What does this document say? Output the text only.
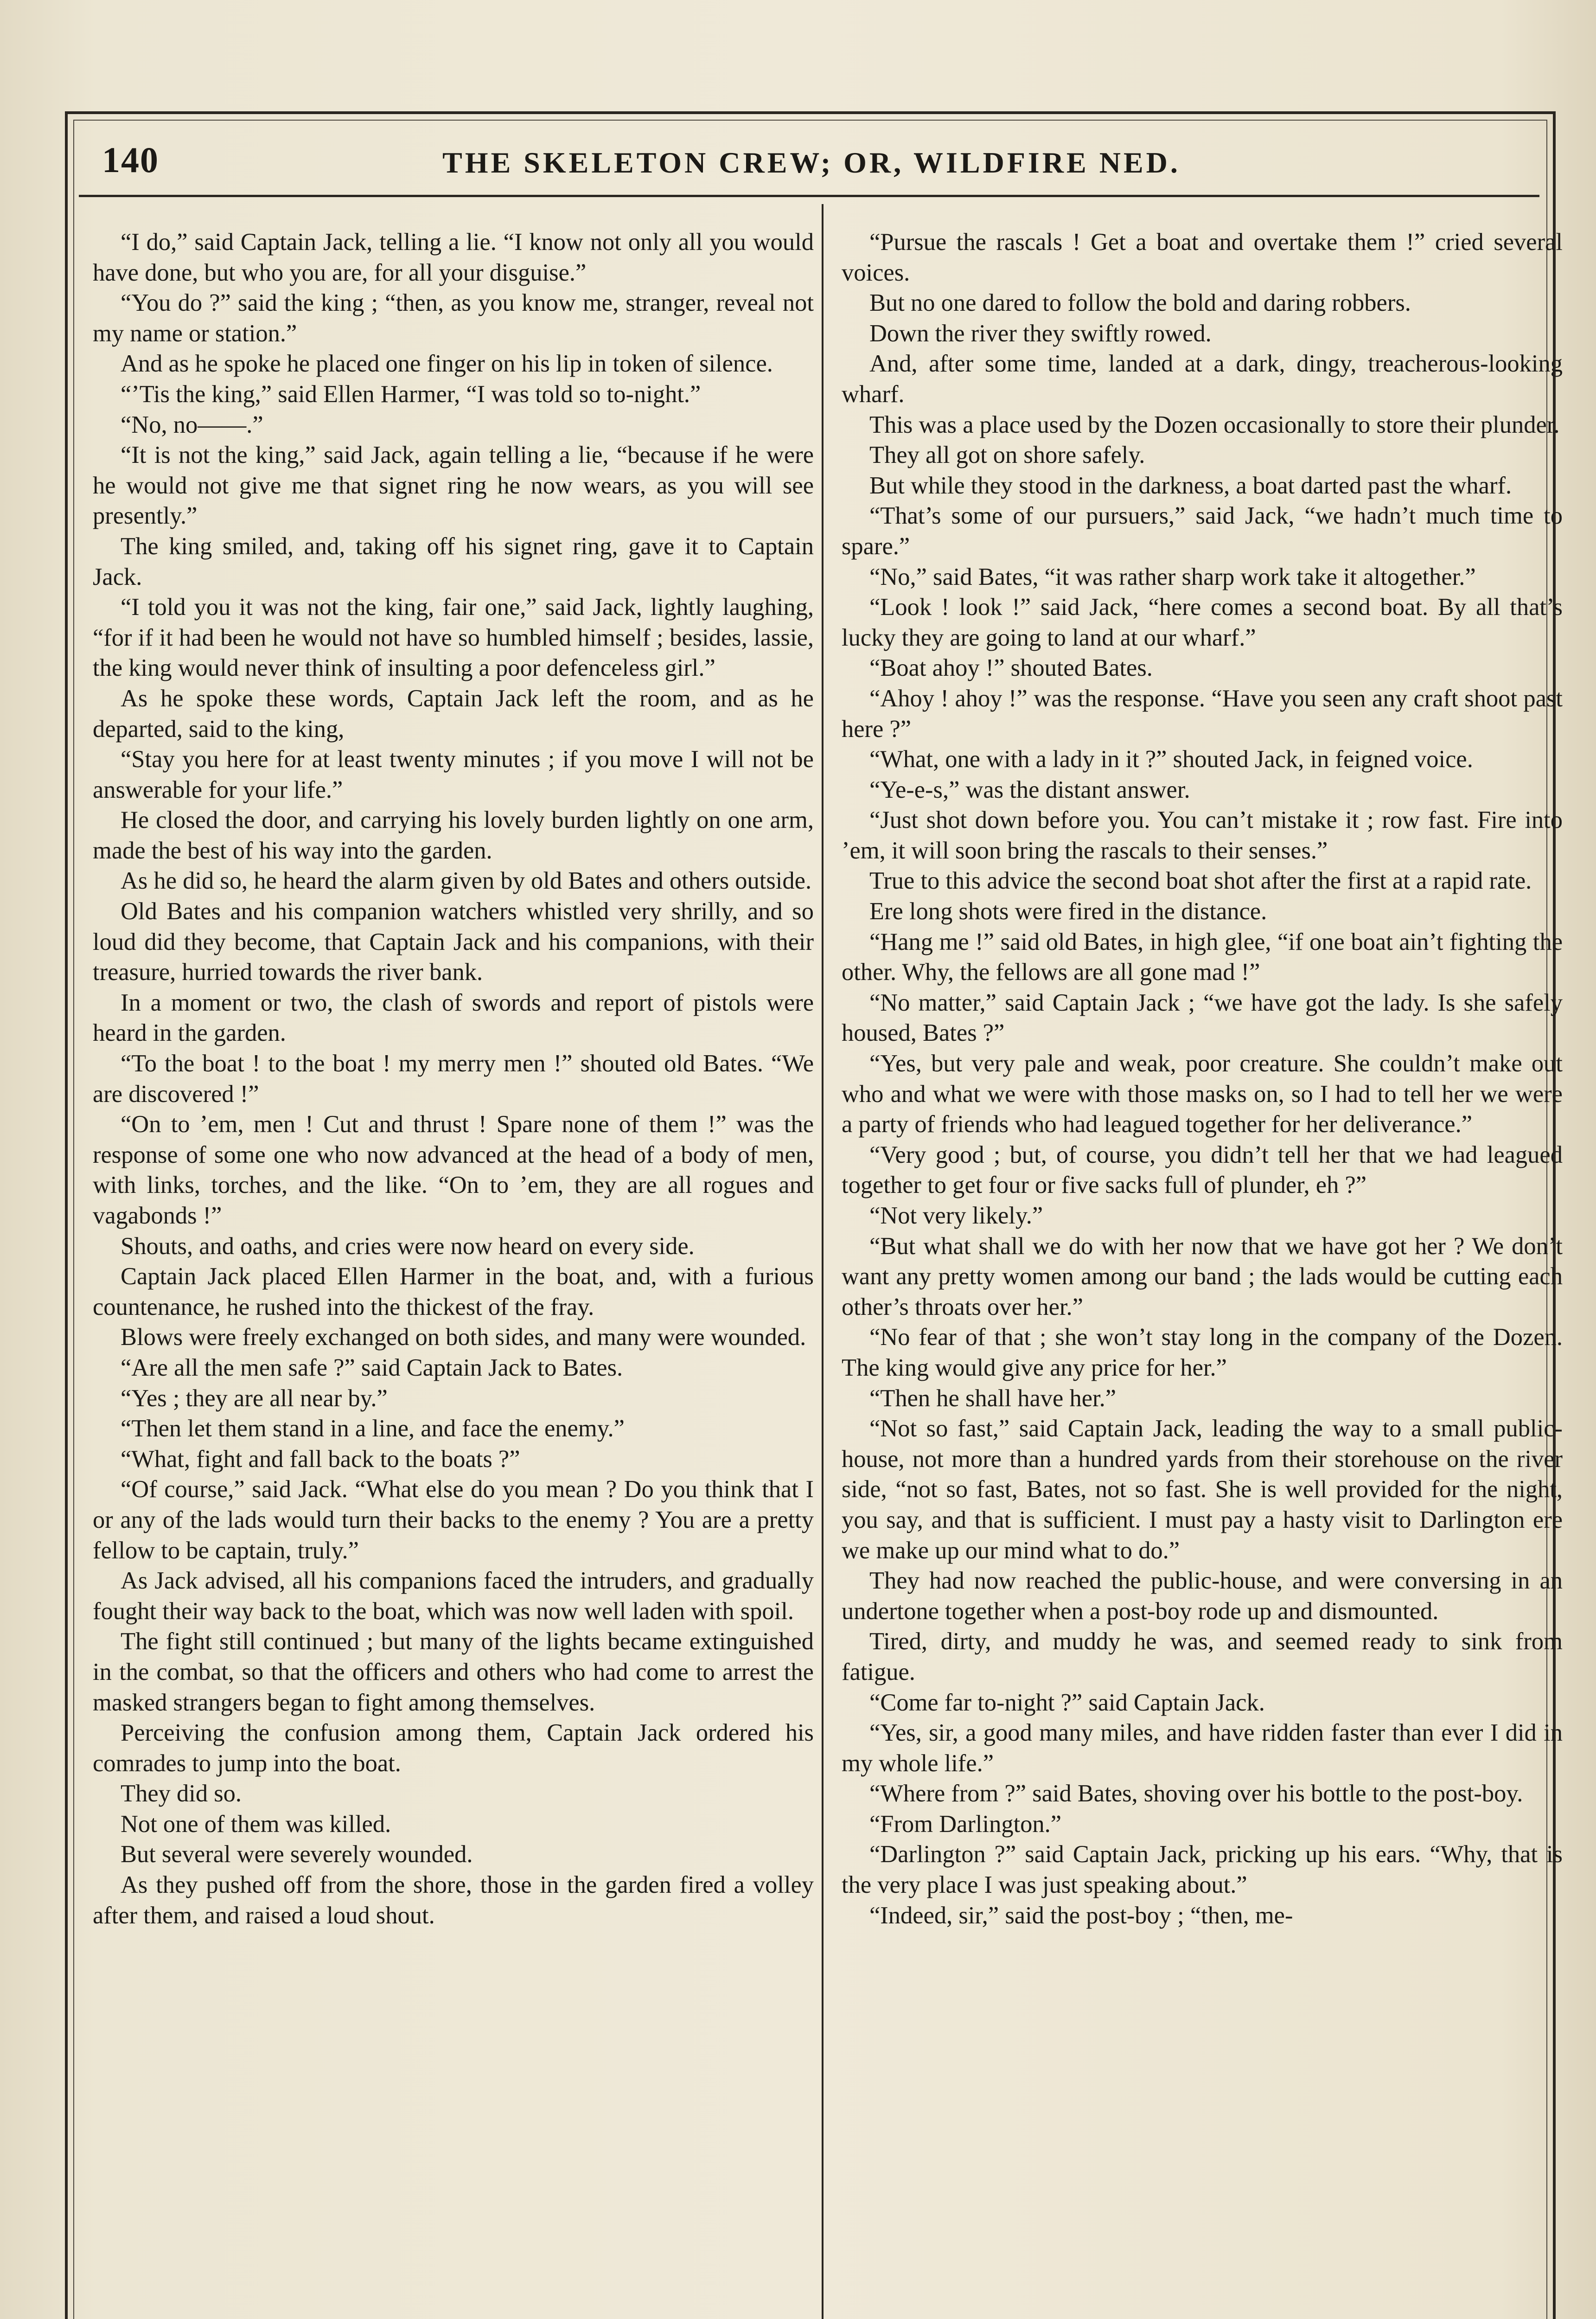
140	THE SKELETON CREW; OR, WILDFIRE NED.

“I do,” said Captain Jack, telling a lie. “I know not only all you would have done, but who you are, for all your disguise.”

“You do ?” said the king ; “then, as you know me, stranger, reveal not my name or station.”

And as he spoke he placed one finger on his lip in token of silence.

“’Tis the king,” said Ellen Harmer, “I was told so to-night.”

“No, no——.”

“It is not the king,” said Jack, again telling a lie, “because if he were he would not give me that signet ring he now wears, as you will see presently.”

The king smiled, and, taking off his signet ring, gave it to Captain Jack.

“I told you it was not the king, fair one,” said Jack, lightly laughing, “for if it had been he would not have so humbled himself ; besides, lassie, the king would never think of insulting a poor defenceless girl.”

As he spoke these words, Captain Jack left the room, and as he departed, said to the king,

“Stay you here for at least twenty minutes ; if you move I will not be answerable for your life.”

He closed the door, and carrying his lovely burden lightly on one arm, made the best of his way into the garden.

As he did so, he heard the alarm given by old Bates and others outside.

Old Bates and his companion watchers whistled very shrilly, and so loud did they become, that Captain Jack and his companions, with their treasure, hurried towards the river bank.

In a moment or two, the clash of swords and report of pistols were heard in the garden.

“To the boat ! to the boat ! my merry men !” shouted old Bates. “We are discovered !”

“On to ’em, men ! Cut and thrust ! Spare none of them !” was the response of some one who now advanced at the head of a body of men, with links, torches, and the like. “On to ’em, they are all rogues and vagabonds !”

Shouts, and oaths, and cries were now heard on every side.

Captain Jack placed Ellen Harmer in the boat, and, with a furious countenance, he rushed into the thickest of the fray.

Blows were freely exchanged on both sides, and many were wounded.

“Are all the men safe ?” said Captain Jack to Bates.

“Yes ; they are all near by.”

“Then let them stand in a line, and face the enemy.”

“What, fight and fall back to the boats ?”

“Of course,” said Jack. “What else do you mean ? Do you think that I or any of the lads would turn their backs to the enemy ? You are a pretty fellow to be captain, truly.”

As Jack advised, all his companions faced the intruders, and gradually fought their way back to the boat, which was now well laden with spoil.

The fight still continued ; but many of the lights became extinguished in the combat, so that the officers and others who had come to arrest the masked strangers began to fight among themselves.

Perceiving the confusion among them, Captain Jack ordered his comrades to jump into the boat.

They did so.

Not one of them was killed.

But several were severely wounded.

As they pushed off from the shore, those in the garden fired a volley after them, and raised a loud shout.

“Pursue the rascals ! Get a boat and overtake them !” cried several voices.

But no one dared to follow the bold and daring robbers.

Down the river they swiftly rowed.

And, after some time, landed at a dark, dingy, treacherous-looking wharf.

This was a place used by the Dozen occasionally to store their plunder.

They all got on shore safely.

But while they stood in the darkness, a boat darted past the wharf.

“That’s some of our pursuers,” said Jack, “we hadn’t much time to spare.”

“No,” said Bates, “it was rather sharp work take it altogether.”

“Look ! look !” said Jack, “here comes a second boat. By all that’s lucky they are going to land at our wharf.”

“Boat ahoy !” shouted Bates.

“Ahoy ! ahoy !” was the response. “Have you seen any craft shoot past here ?”

“What, one with a lady in it ?” shouted Jack, in feigned voice.

“Ye-e-s,” was the distant answer.

“Just shot down before you. You can’t mistake it ; row fast. Fire into ’em, it will soon bring the rascals to their senses.”

True to this advice the second boat shot after the first at a rapid rate.

Ere long shots were fired in the distance.

“Hang me !” said old Bates, in high glee, “if one boat ain’t fighting the other. Why, the fellows are all gone mad !”

“No matter,” said Captain Jack ; “we have got the lady. Is she safely housed, Bates ?”

“Yes, but very pale and weak, poor creature. She couldn’t make out who and what we were with those masks on, so I had to tell her we were a party of friends who had leagued together for her deliverance.”

“Very good ; but, of course, you didn’t tell her that we had leagued together to get four or five sacks full of plunder, eh ?”

“Not very likely.”

“But what shall we do with her now that we have got her ? We don’t want any pretty women among our band ; the lads would be cutting each other’s throats over her.”

“No fear of that ; she won’t stay long in the company of the Dozen. The king would give any price for her.”

“Then he shall have her.”

“Not so fast,” said Captain Jack, leading the way to a small public-house, not more than a hundred yards from their storehouse on the river side, “not so fast, Bates, not so fast. She is well provided for the night, you say, and that is sufficient. I must pay a hasty visit to Darlington ere we make up our mind what to do.”

They had now reached the public-house, and were conversing in an undertone together when a post-boy rode up and dismounted.

Tired, dirty, and muddy he was, and seemed ready to sink from fatigue.

“Come far to-night ?” said Captain Jack.

“Yes, sir, a good many miles, and have ridden faster than ever I did in my whole life.”

“Where from ?” said Bates, shoving over his bottle to the post-boy.

“From Darlington.”

“Darlington ?” said Captain Jack, pricking up his ears. “Why, that is the very place I was just speaking about.”

“Indeed, sir,” said the post-boy ; “then, me-
